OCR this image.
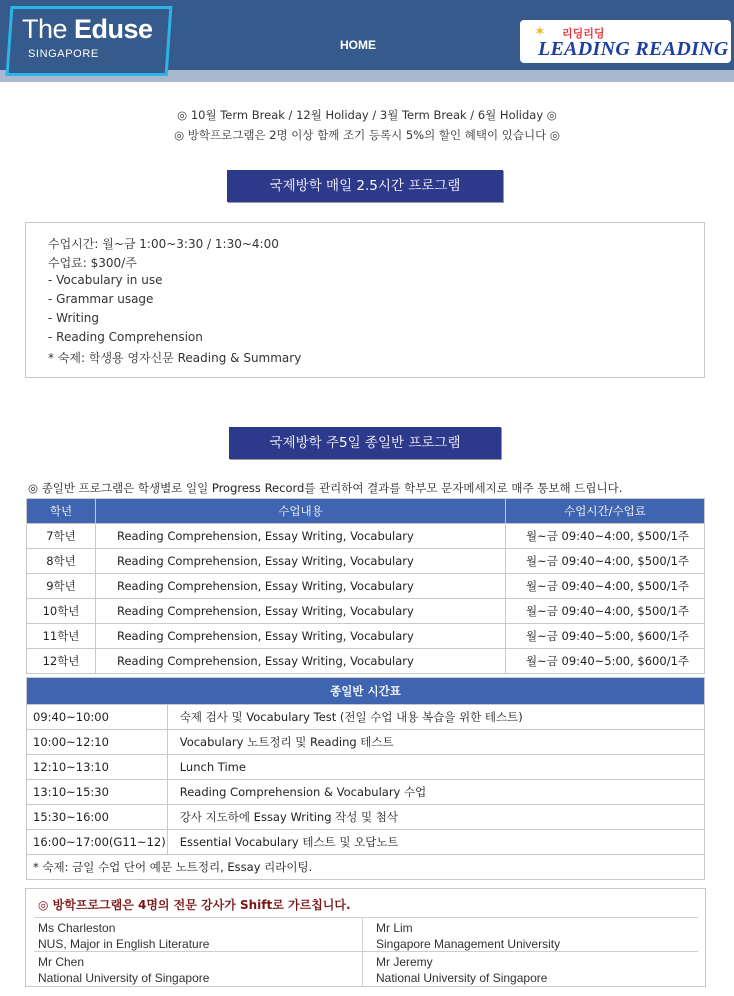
The Eduse
SINGAPORE
HOME
✶ 리딩리딩
LEADING READING
◎ 10월 Term Break / 12월 Holiday / 3월 Term Break / 6월 Holiday ◎
◎ 방학프로그램은 2명 이상 함께 조기 등록시 5%의 할인 혜택이 있습니다 ◎
국제방학 매일 2.5시간 프로그램
수업시간: 월~금 1:00~3:30 / 1:30~4:00
수업료: $300/주
- Vocabulary in use
- Grammar usage
- Writing
- Reading Comprehension
* 숙제: 학생용 영자신문 Reading & Summary
국제방학 주5일 종일반 프로그램
◎ 종일반 프로그램은 학생별로 일일 Progress Record를 관리하여 결과를 학부모 문자메세지로 매주 통보해 드립니다.
학년	수업내용	수업시간/수업료
7학년	Reading Comprehension, Essay Writing, Vocabulary	월~금 09:40~4:00, $500/1주
8학년	Reading Comprehension, Essay Writing, Vocabulary	월~금 09:40~4:00, $500/1주
9학년	Reading Comprehension, Essay Writing, Vocabulary	월~금 09:40~4:00, $500/1주
10학년	Reading Comprehension, Essay Writing, Vocabulary	월~금 09:40~4:00, $500/1주
11학년	Reading Comprehension, Essay Writing, Vocabulary	월~금 09:40~5:00, $600/1주
12학년	Reading Comprehension, Essay Writing, Vocabulary	월~금 09:40~5:00, $600/1주
종일반 시간표	
09:40~10:00	숙제 검사 및 Vocabulary Test (전일 수업 내용 복습을 위한 테스트)
10:00~12:10	Vocabulary 노트정리 및 Reading 테스트
12:10~13:10	Lunch Time
13:10~15:30	Reading Comprehension & Vocabulary 수업
15:30~16:00	강사 지도하에 Essay Writing 작성 및 첨삭
16:00~17:00(G11~12)	Essential Vocabulary 테스트 및 오답노트
* 숙제: 금일 수업 단어 예문 노트정리, Essay 리라이팅.	
◎ 방학프로그램은 4명의 전문 강사가 Shift로 가르칩니다.
Ms Charleston
NUS, Major in English Literature
Mr Lim
Singapore Management University
Mr Chen
National University of Singapore
Mr Jeremy
National University of Singapore
